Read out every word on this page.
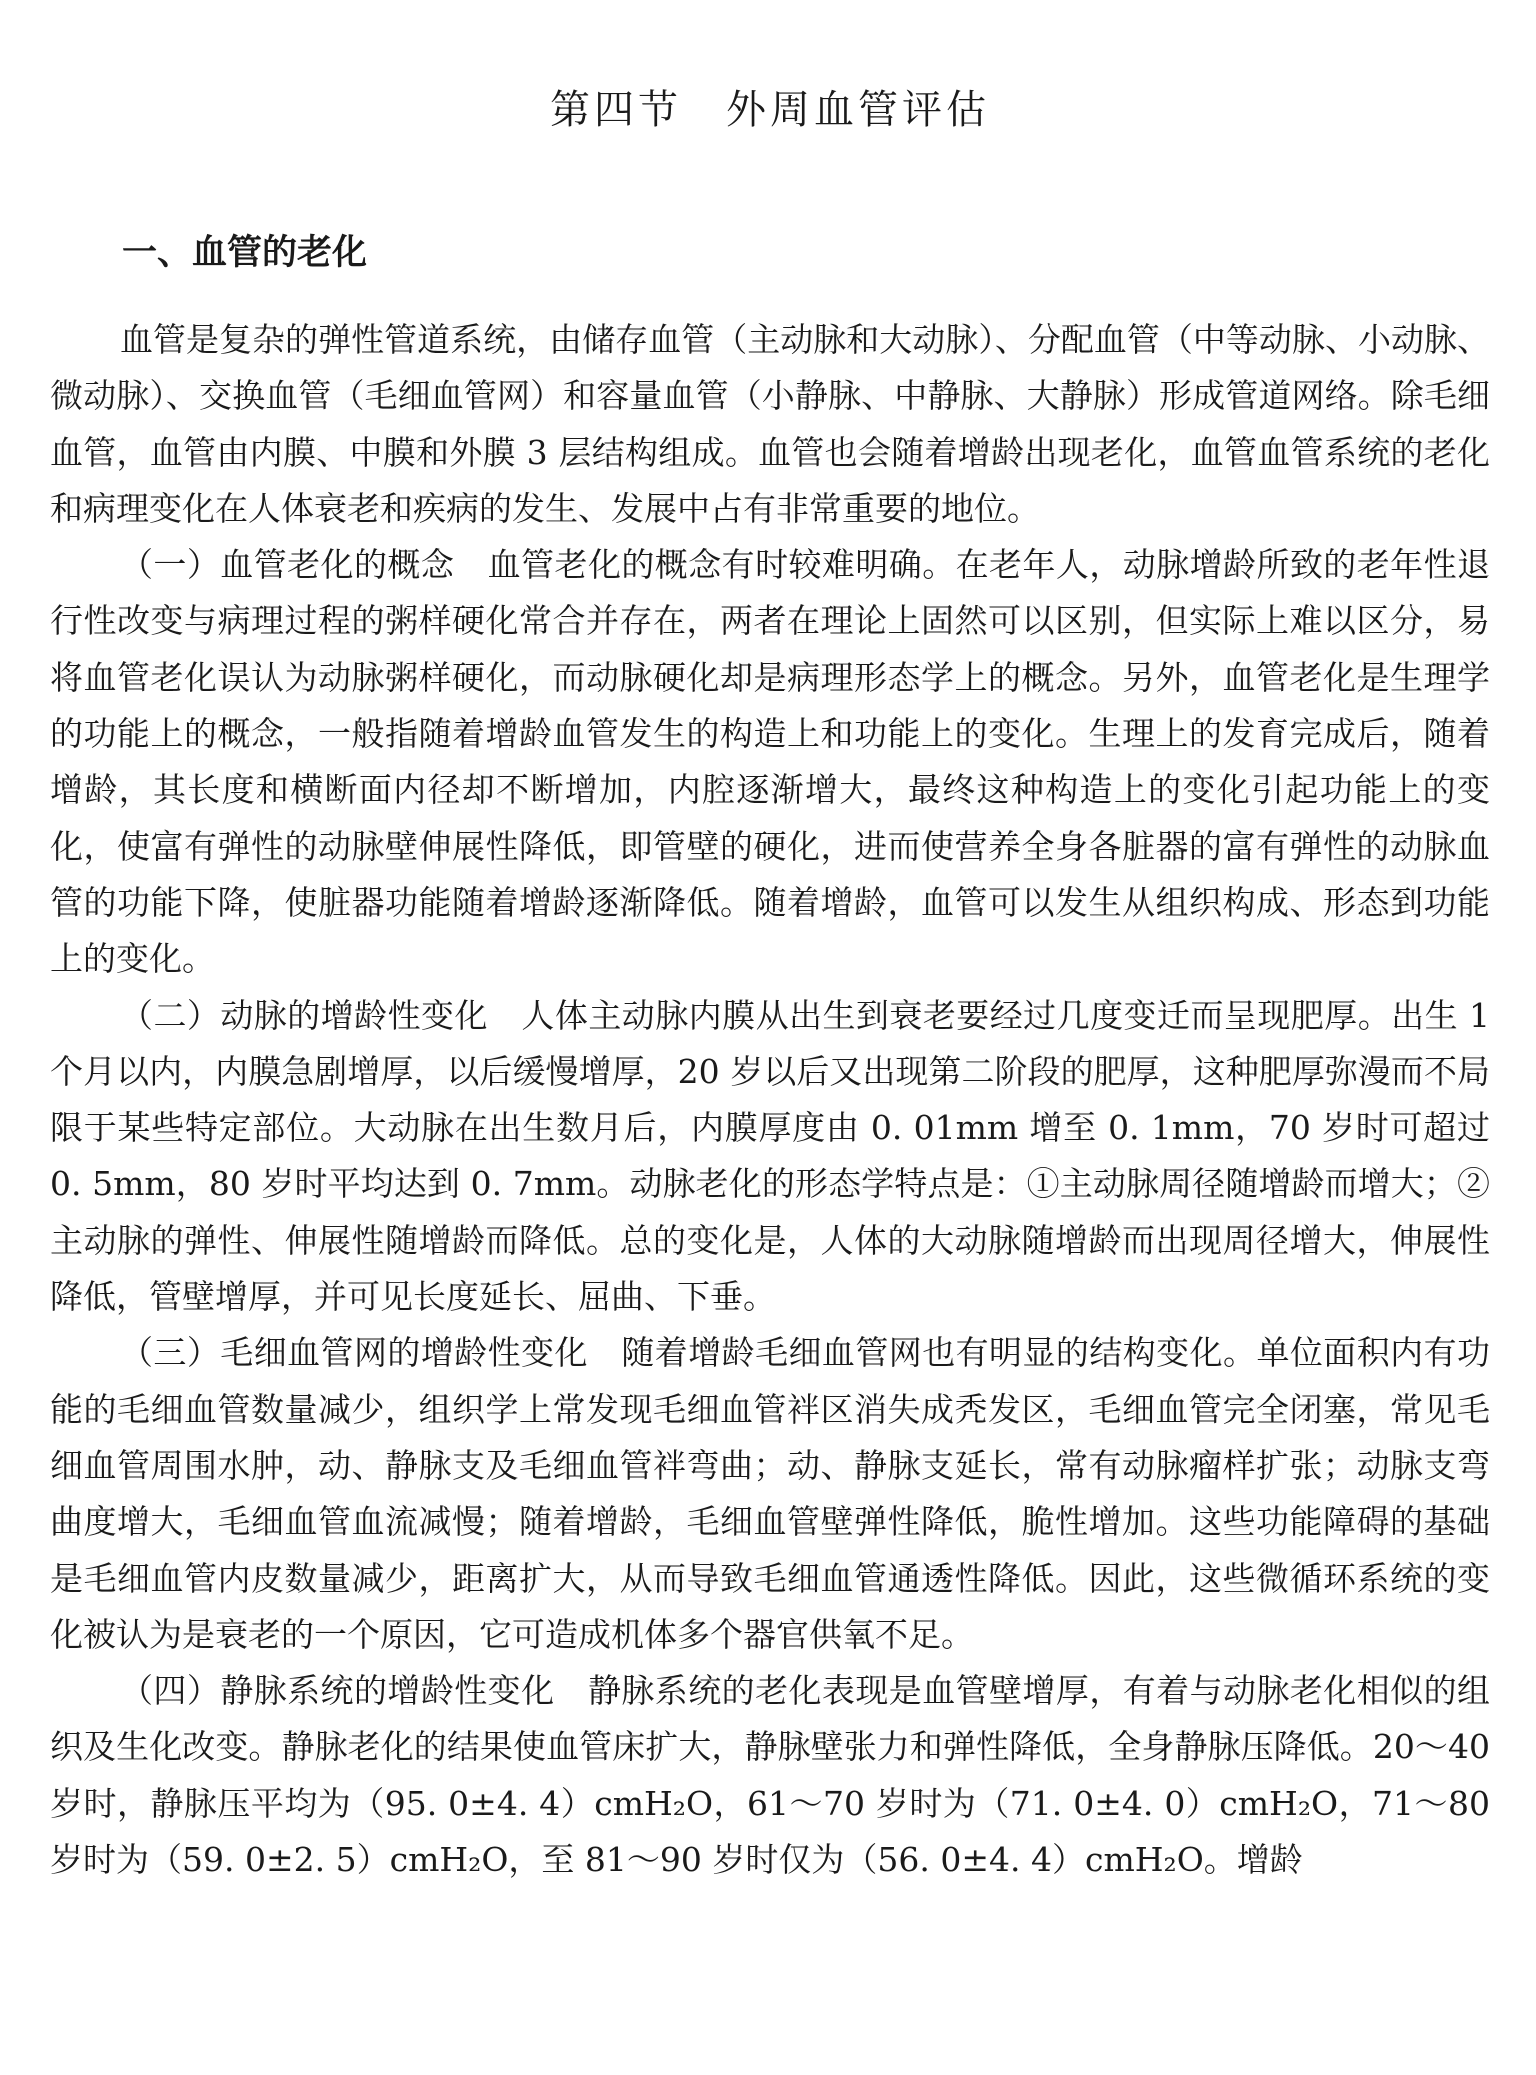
第四节　外周血管评估
一、血管的老化

血管是复杂的弹性管道系统，由储存血管（主动脉和大动脉）、分配血管（中等动脉、小动脉、微动脉）、交换血管（毛细血管网）和容量血管（小静脉、中静脉、大静脉）形成管道网络。除毛细血管，血管由内膜、中膜和外膜 3 层结构组成。血管也会随着增龄出现老化，血管血管系统的老化和病理变化在人体衰老和疾病的发生、发展中占有非常重要的地位。

（一）血管老化的概念　血管老化的概念有时较难明确。在老年人，动脉增龄所致的老年性退行性改变与病理过程的粥样硬化常合并存在，两者在理论上固然可以区别，但实际上难以区分，易将血管老化误认为动脉粥样硬化，而动脉硬化却是病理形态学上的概念。另外，血管老化是生理学的功能上的概念，一般指随着增龄血管发生的构造上和功能上的变化。生理上的发育完成后，随着增龄，其长度和横断面内径却不断增加，内腔逐渐增大，最终这种构造上的变化引起功能上的变化，使富有弹性的动脉壁伸展性降低，即管壁的硬化，进而使营养全身各脏器的富有弹性的动脉血管的功能下降，使脏器功能随着增龄逐渐降低。随着增龄，血管可以发生从组织构成、形态到功能上的变化。

（二）动脉的增龄性变化　人体主动脉内膜从出生到衰老要经过几度变迁而呈现肥厚。出生 1 个月以内，内膜急剧增厚，以后缓慢增厚，20 岁以后又出现第二阶段的肥厚，这种肥厚弥漫而不局限于某些特定部位。大动脉在出生数月后，内膜厚度由 0. 01mm 增至 0. 1mm，70 岁时可超过 0. 5mm，80 岁时平均达到 0. 7mm。动脉老化的形态学特点是：①主动脉周径随增龄而增大；②主动脉的弹性、伸展性随增龄而降低。总的变化是，人体的大动脉随增龄而出现周径增大，伸展性降低，管壁增厚，并可见长度延长、屈曲、下垂。

（三）毛细血管网的增龄性变化　随着增龄毛细血管网也有明显的结构变化。单位面积内有功能的毛细血管数量减少，组织学上常发现毛细血管袢区消失成秃发区，毛细血管完全闭塞，常见毛细血管周围水肿，动、静脉支及毛细血管袢弯曲；动、静脉支延长，常有动脉瘤样扩张；动脉支弯曲度增大，毛细血管血流减慢；随着增龄，毛细血管壁弹性降低，脆性增加。这些功能障碍的基础是毛细血管内皮数量减少，距离扩大，从而导致毛细血管通透性降低。因此，这些微循环系统的变化被认为是衰老的一个原因，它可造成机体多个器官供氧不足。

（四）静脉系统的增龄性变化　静脉系统的老化表现是血管壁增厚，有着与动脉老化相似的组织及生化改变。静脉老化的结果使血管床扩大，静脉壁张力和弹性降低，全身静脉压降低。20～40 岁时，静脉压平均为（95. 0±4. 4）cmH₂O，61～70 岁时为（71. 0±4. 0）cmH₂O，71～80 岁时为（59. 0±2. 5）cmH₂O，至 81～90 岁时仅为（56. 0±4. 4）cmH₂O。增龄
